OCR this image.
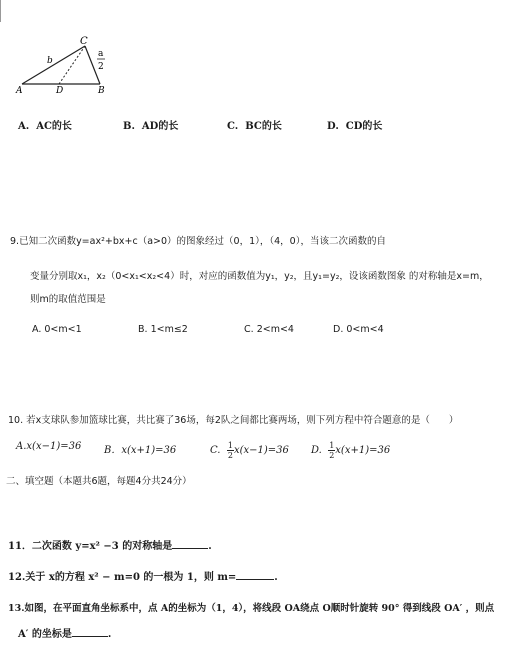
C
A	D	B
b
a
2
A. AC的长	B. AD的长	C. BC的长	D. CD的长
9.已知二次函数y=ax²+bx+c（a>0）的图象经过（0，1），（4，0），当该二次函数的自
变量分别取x₁，x₂（0<x₁<x₂<4）时，对应的函数值为y₁，y₂，且y₁=y₂，设该函数图象 的对称轴是x=m，
则m的取值范围是
A. 0<m<1	B. 1<m≤2	C. 2<m<4	D. 0<m<4
10. 若x支球队参加篮球比赛，共比赛了36场，每2队之间都比赛两场，则下列方程中符合题意的是（　　）
A.x(x−1)=36 B．x(x+1)=36	C. $\frac{1}{2} x(x-1)=36$ D. $\frac{1}{2} x(x+1)=36$
二、填空题（本题共6题，每题4分共24分）
11．二次函数 y=x² −3 的对称轴是	.
12.关于 x的方程 x² − m=0 的一根为 1，则 m=	.
13.如图，在平面直角坐标系中，点 A的坐标为（1，4），将线段 OA绕点 O顺时针旋转 90° 得到线段 OA′ ，则点
A′ 的坐标是	.
